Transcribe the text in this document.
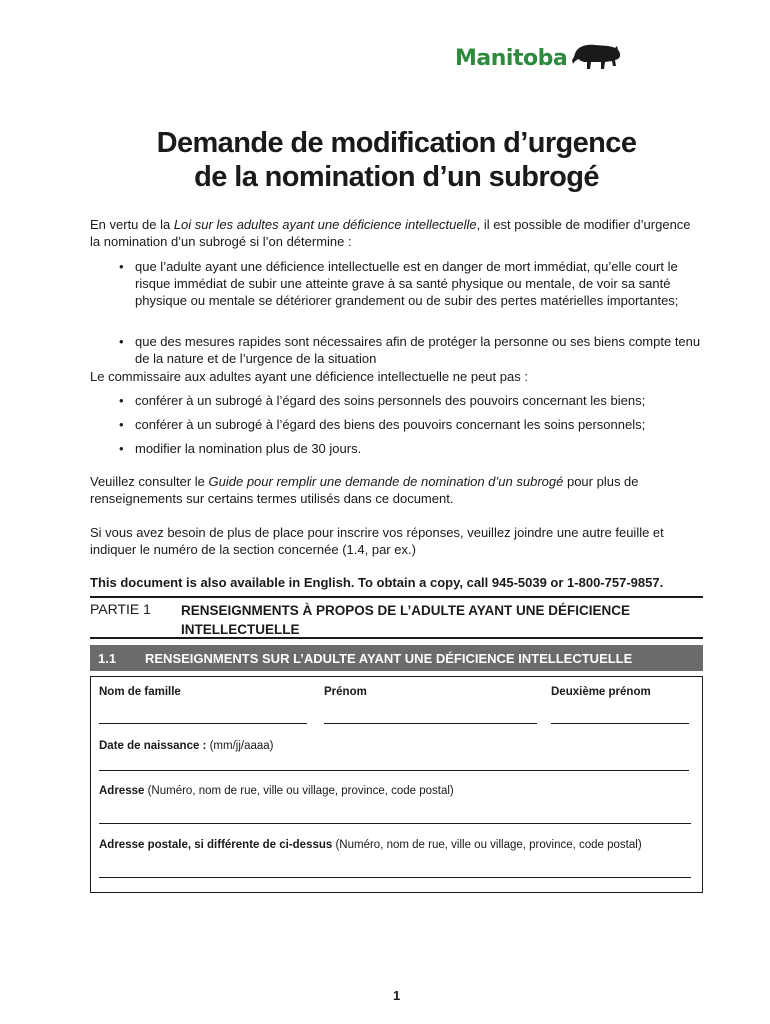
Manitoba
Demande de modification d’urgence
de la nomination d’un subrogé
En vertu de la Loi sur les adultes ayant une déficience intellectuelle, il est possible de modifier d’urgence la nomination d’un subrogé si l’on détermine :
• que l’adulte ayant une déficience intellectuelle est en danger de mort immédiat, qu’elle court le risque immédiat de subir une atteinte grave à sa santé physique ou mentale, de voir sa santé physique ou mentale se détériorer grandement ou de subir des pertes matérielles importantes;
• que des mesures rapides sont nécessaires afin de protéger la personne ou ses biens compte tenu de la nature et de l’urgence de la situation
Le commissaire aux adultes ayant une déficience intellectuelle ne peut pas :
• conférer à un subrogé à l’égard des soins personnels des pouvoirs concernant les biens;
• conférer à un subrogé à l’égard des biens des pouvoirs concernant les soins personnels;
• modifier la nomination plus de 30 jours.
Veuillez consulter le Guide pour remplir une demande de nomination d’un subrogé pour plus de renseignements sur certains termes utilisés dans ce document.
Si vous avez besoin de plus de place pour inscrire vos réponses, veuillez joindre une autre feuille et indiquer le numéro de la section concernée (1.4, par ex.)
This document is also available in English. To obtain a copy, call 945-5039 or 1-800-757-9857.
PARTIE 1 RENSEIGNMENTS À PROPOS DE L’ADULTE AYANT UNE DÉFICIENCE INTELLECTUELLE
1.1 RENSEIGNMENTS SUR L’ADULTE AYANT UNE DÉFICIENCE INTELLECTUELLE
Nom de famille	Prénom	Deuxième prénom
Date de naissance : (mm/jj/aaaa)
Adresse (Numéro, nom de rue, ville ou village, province, code postal)
Adresse postale, si différente de ci-dessus (Numéro, nom de rue, ville ou village, province, code postal)
1
